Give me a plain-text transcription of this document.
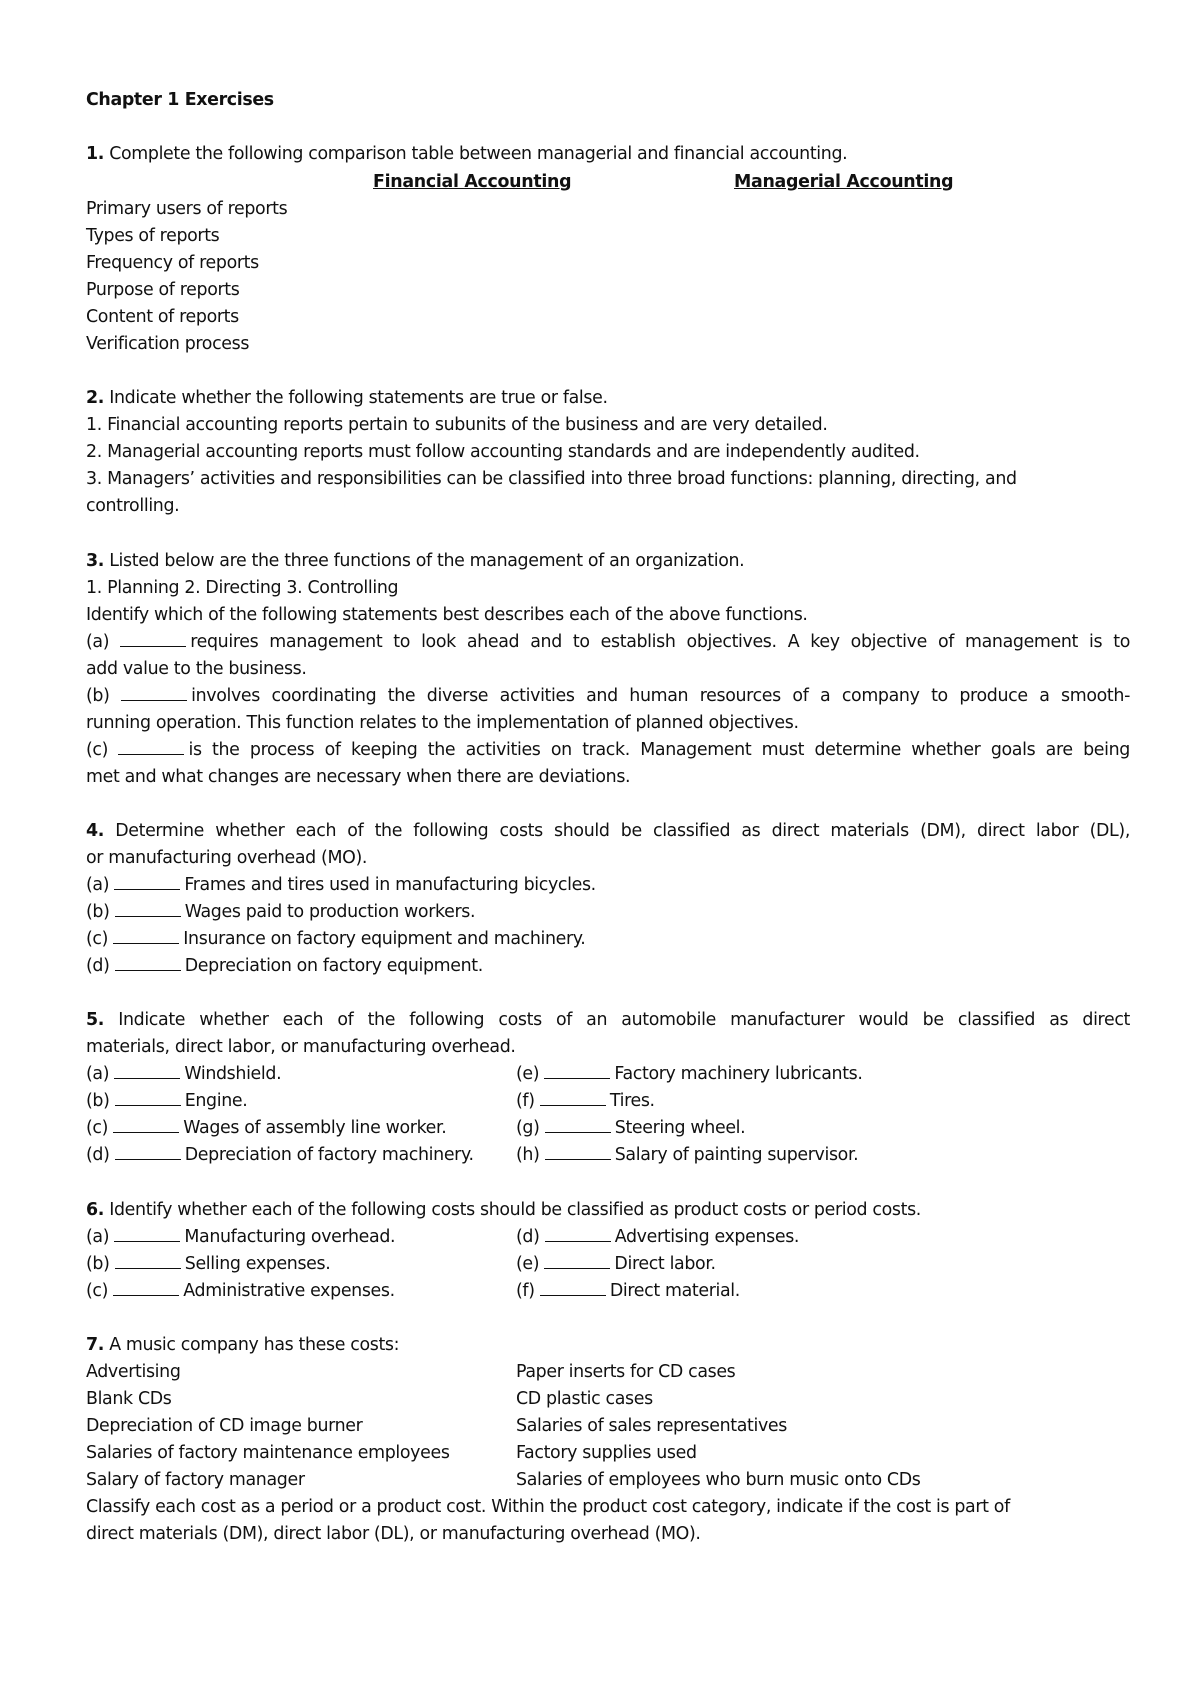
Chapter 1 Exercises
1. Complete the following comparison table between managerial and financial accounting.
Financial Accounting	Managerial Accounting
Primary users of reports
Types of reports
Frequency of reports
Purpose of reports
Content of reports
Verification process
2. Indicate whether the following statements are true or false.
1. Financial accounting reports pertain to subunits of the business and are very detailed.
2. Managerial accounting reports must follow accounting standards and are independently audited.
3. Managers’ activities and responsibilities can be classified into three broad functions: planning, directing, and
controlling.
3. Listed below are the three functions of the management of an organization.
1. Planning 2. Directing 3. Controlling
Identify which of the following statements best describes each of the above functions.
(a)	requires management to look ahead and to establish objectives. A key objective of management is to
add value to the business.
(b)	involves coordinating the diverse activities and human resources of a company to produce a smooth-
running operation. This function relates to the implementation of planned objectives.
(c)	is the process of keeping the activities on track. Management must determine whether goals are being
met and what changes are necessary when there are deviations.
4. Determine whether each of the following costs should be classified as direct materials (DM), direct labor (DL),
or manufacturing overhead (MO).
(a)	Frames and tires used in manufacturing bicycles.
(b)	Wages paid to production workers.
(c)	Insurance on factory equipment and machinery.
(d)	Depreciation on factory equipment.
5. Indicate whether each of the following costs of an automobile manufacturer would be classified as direct
materials, direct labor, or manufacturing overhead.
(a)	Windshield.	(e)	Factory machinery lubricants.
(b)	Engine.	(f)	Tires.
(c)	Wages of assembly line worker.	(g)	Steering wheel.
(d)	Depreciation of factory machinery. (h)	Salary of painting supervisor.
6. Identify whether each of the following costs should be classified as product costs or period costs.
(a)	Manufacturing overhead.	(d)	Advertising expenses.
(b)	Selling expenses.	(e)	Direct labor.
(c)	Administrative expenses.	(f)	Direct material.
7. A music company has these costs:
Advertising	Paper inserts for CD cases
Blank CDs	CD plastic cases
Depreciation of CD image burner	Salaries of sales representatives
Salaries of factory maintenance employees	Factory supplies used
Salary of factory manager	Salaries of employees who burn music onto CDs
Classify each cost as a period or a product cost. Within the product cost category, indicate if the cost is part of
direct materials (DM), direct labor (DL), or manufacturing overhead (MO).
